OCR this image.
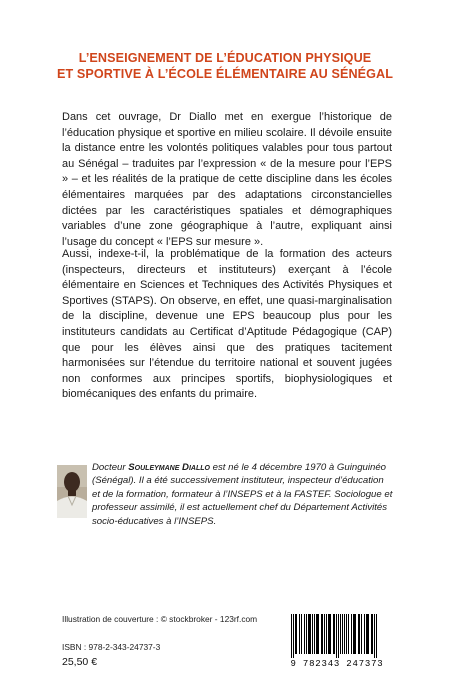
L’ENSEIGNEMENT DE L’ÉDUCATION PHYSIQUE
ET SPORTIVE À L’ÉCOLE ÉLÉMENTAIRE AU SÉNÉGAL

Dans cet ouvrage, Dr Diallo met en exergue l’historique de l’éducation physique et sportive en milieu scolaire. Il dévoile ensuite la distance entre les volontés politiques valables pour tous partout au Sénégal – traduites par l’expression « de la mesure pour l’EPS » – et les réalités de la pratique de cette discipline dans les écoles élémentaires marquées par des adaptations circonstancielles dictées par les caractéristiques spatiales et démographiques variables d’une zone géographique à l’autre, expliquant ainsi l’usage du concept « l’EPS sur mesure ».

Aussi, indexe-t-il, la problématique de la formation des acteurs (inspecteurs, directeurs et instituteurs) exerçant à l’école élémentaire en Sciences et Techniques des Activités Physiques et Sportives (STAPS). On observe, en effet, une quasi-marginalisation de la discipline, devenue une EPS beaucoup plus pour les instituteurs candidats au Certificat d’Aptitude Pédagogique (CAP) que pour les élèves ainsi que des pratiques tacitement harmonisées sur l’étendue du territoire national et souvent jugées non conformes aux principes sportifs, biophysiologiques et biomécaniques des enfants du primaire.

Docteur Souleymane Diallo est né le 4 décembre 1970 à Guinguinéo (Sénégal). Il a été successivement instituteur, inspecteur d’éducation et de la formation, formateur à l’INSEPS et à la FASTEF. Sociologue et professeur assimilé, il est actuellement chef du Département Activités socio-éducatives à l’INSEPS.

Illustration de couverture : © stockbroker - 123rf.com
ISBN : 978-2-343-24737-3
25,50 €	9 782343 247373
